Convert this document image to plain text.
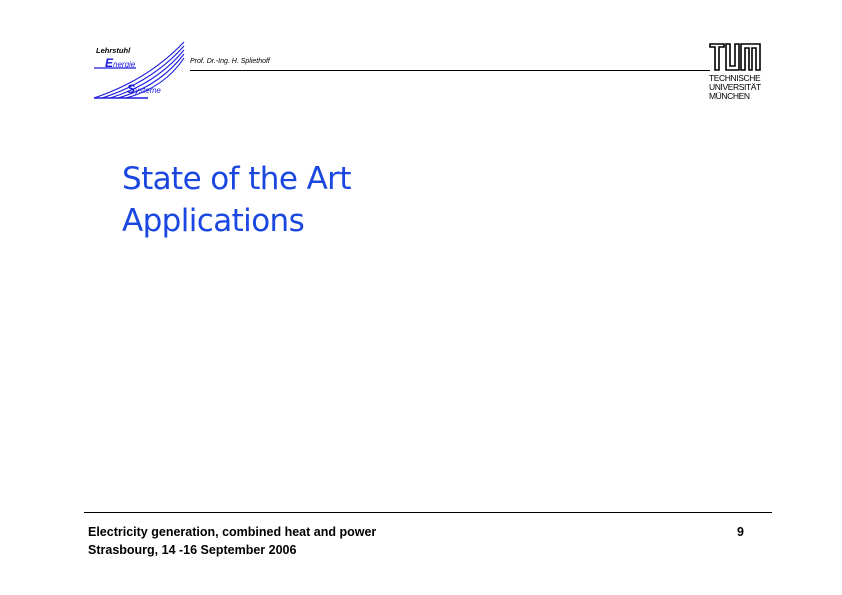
Lehrstuhl
Energie
Systeme
Prof. Dr.-Ing. H. Spliethoff
TECHNISCHE
UNIVERSITÄT
MÜNCHEN
State of the Art
Applications
Electricity generation, combined heat and power
Strasbourg, 14 -16 September 2006
9
